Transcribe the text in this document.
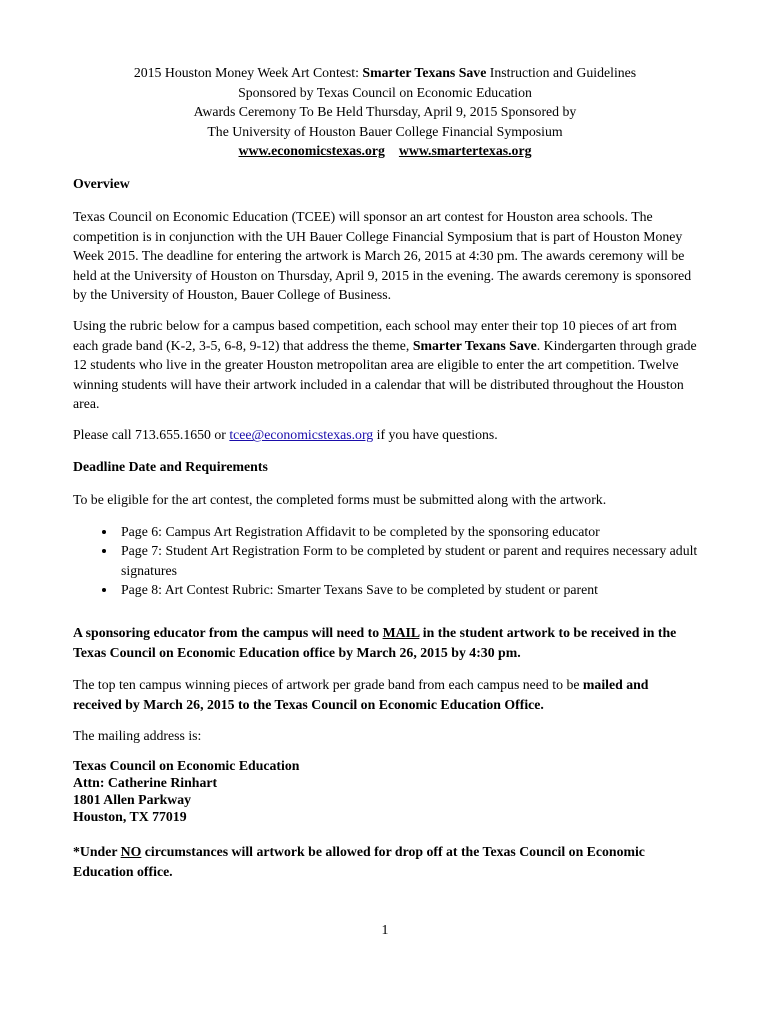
2015 Houston Money Week Art Contest: Smarter Texans Save Instruction and Guidelines
Sponsored by Texas Council on Economic Education
Awards Ceremony To Be Held Thursday, April 9, 2015 Sponsored by
The University of Houston Bauer College Financial Symposium
www.economicstexas.org www.smartertexas.org
Overview

Texas Council on Economic Education (TCEE) will sponsor an art contest for Houston area schools. The competition is in conjunction with the UH Bauer College Financial Symposium that is part of Houston Money Week 2015. The deadline for entering the artwork is March 26, 2015 at 4:30 pm. The awards ceremony will be held at the University of Houston on Thursday, April 9, 2015 in the evening. The awards ceremony is sponsored by the University of Houston, Bauer College of Business.

Using the rubric below for a campus based competition, each school may enter their top 10 pieces of art from each grade band (K-2, 3-5, 6-8, 9-12) that address the theme, Smarter Texans Save. Kindergarten through grade 12 students who live in the greater Houston metropolitan area are eligible to enter the art competition. Twelve winning students will have their artwork included in a calendar that will be distributed throughout the Houston area.

Please call 713.655.1650 or tcee@economicstexas.org if you have questions.

Deadline Date and Requirements

To be eligible for the art contest, the completed forms must be submitted along with the artwork.

• Page 6: Campus Art Registration Affidavit to be completed by the sponsoring educator
• Page 7: Student Art Registration Form to be completed by student or parent and requires necessary adult signatures
• Page 8: Art Contest Rubric: Smarter Texans Save to be completed by student or parent

A sponsoring educator from the campus will need to MAIL in the student artwork to be received in the Texas Council on Economic Education office by March 26, 2015 by 4:30 pm.

The top ten campus winning pieces of artwork per grade band from each campus need to be mailed and received by March 26, 2015 to the Texas Council on Economic Education Office.

The mailing address is:

Texas Council on Economic Education
Attn: Catherine Rinhart
1801 Allen Parkway
Houston, TX 77019

*Under NO circumstances will artwork be allowed for drop off at the Texas Council on Economic Education office.

1
